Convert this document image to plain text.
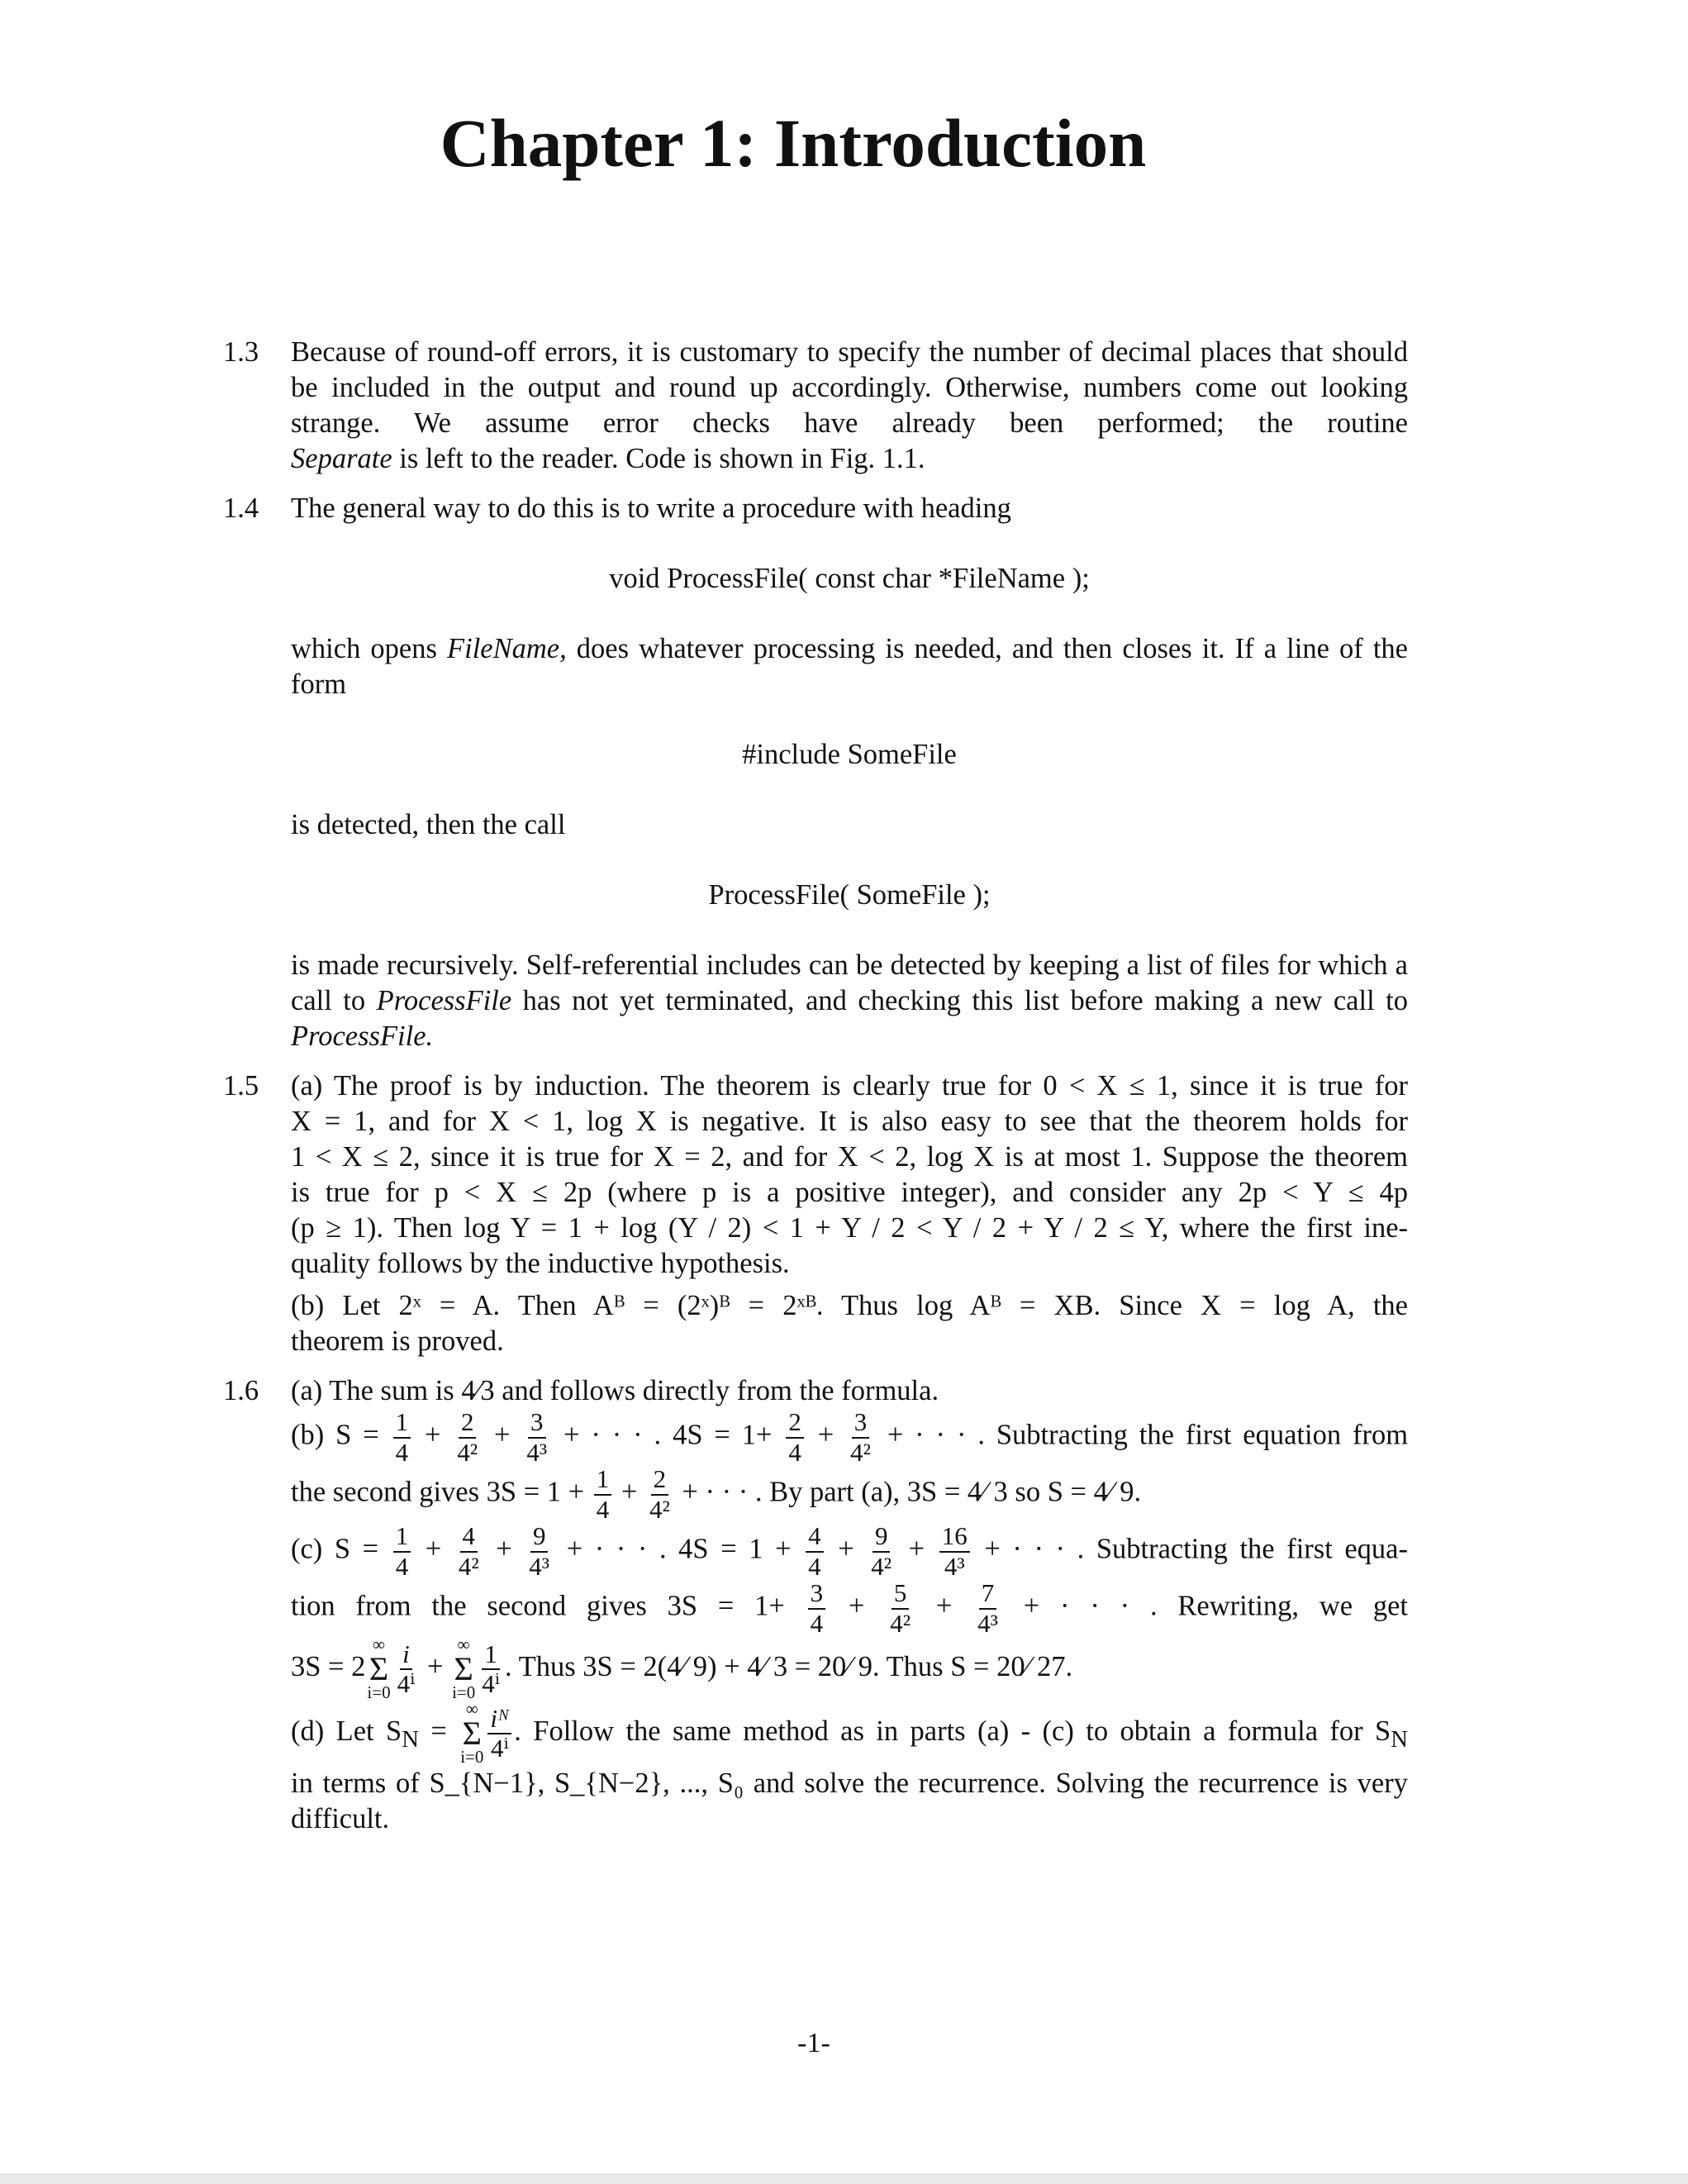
Chapter 1: Introduction
1.3 Because of round-off errors, it is customary to specify the number of decimal places that should be included in the output and round up accordingly. Otherwise, numbers come out looking strange. We assume error checks have already been performed; the routine

Separate is left to the reader. Code is shown in Fig. 1.1.

1.4 The general way to do this is to write a procedure with heading

void ProcessFile( const char *FileName );

which opens FileName, does whatever processing is needed, and then closes it. If a line of the form

#include SomeFile

is detected, then the call

ProcessFile( SomeFile );

is made recursively. Self-referential includes can be detected by keeping a list of files for which a call to ProcessFile has not yet terminated, and checking this list before making a new call to ProcessFile.

1.5 (a) The proof is by induction. The theorem is clearly true for 0 < X ≤ 1, since it is true for

X = 1, and for X < 1, log X is negative. It is also easy to see that the theorem holds for

1 < X ≤ 2, since it is true for X = 2, and for X < 2, log X is at most 1. Suppose the theorem

is true for p < X ≤ 2p (where p is a positive integer), and consider any 2p < Y ≤ 4p

(p ≥ 1). Then log Y = 1 + log (Y / 2) < 1 + Y / 2 < Y / 2 + Y / 2 ≤ Y, where the first ine-

quality follows by the inductive hypothesis.

(b) Let 2ˣ = A. Then Aᴮ = (2ˣ)ᴮ = 2ˣᴮ. Thus log Aᴮ = XB. Since X = log A, the

theorem is proved.

1.6 (a) The sum is 4⁄3 and follows directly from the formula.

(b) $S = \frac{1}{4} + \frac{2}{\text{4²}} + \frac{3}{\text{4³}}$ + · · · . $4S = 1+ \frac{2}{4} + \frac{3}{\text{4²}}$ + · · · . Subtracting the first equation from

the second gives $3S = 1 + \frac{1}{4} + \frac{2}{\text{4²}}$ + · · · . By part (a), 3S = 4⁄ 3 so S = 4⁄ 9.

(c) $S = \frac{1}{4} + \frac{4}{\text{4²}} + \frac{9}{\text{4³}}$ + · · · . $4S = 1 + \frac{4}{4} + \frac{9}{\text{4²}} + \frac{16}{\text{4³}}$ + · · · . Subtracting the first equa-

tion from the second gives $3S = 1+ \frac{3}{4} + \frac{5}{\text{4²}} + \frac{7}{\text{4³}}$ + · · · . Rewriting, we get

3S = 2
∞
Σ
$i=0 \frac{i}{\text{4ⁱ}}$ +
∞
Σ
$i=0 \frac{1}{\text{4ⁱ}}$ . Thus 3S = 2(4⁄ 9) + 4⁄ 3 = 20⁄ 9. Thus S = 20⁄ 27.

(d) Let $S_N$ =
∞
Σ
$i=0 \frac{\text{iᴺ}}{\text{4ⁱ}}$ . Follow the same method as in parts (a) - (c) to obtain a formula for $S_N$

in terms of S_{N−1}, S_{N−2}, ..., S₀ and solve the recurrence. Solving the recurrence is very

difficult.

-1-
